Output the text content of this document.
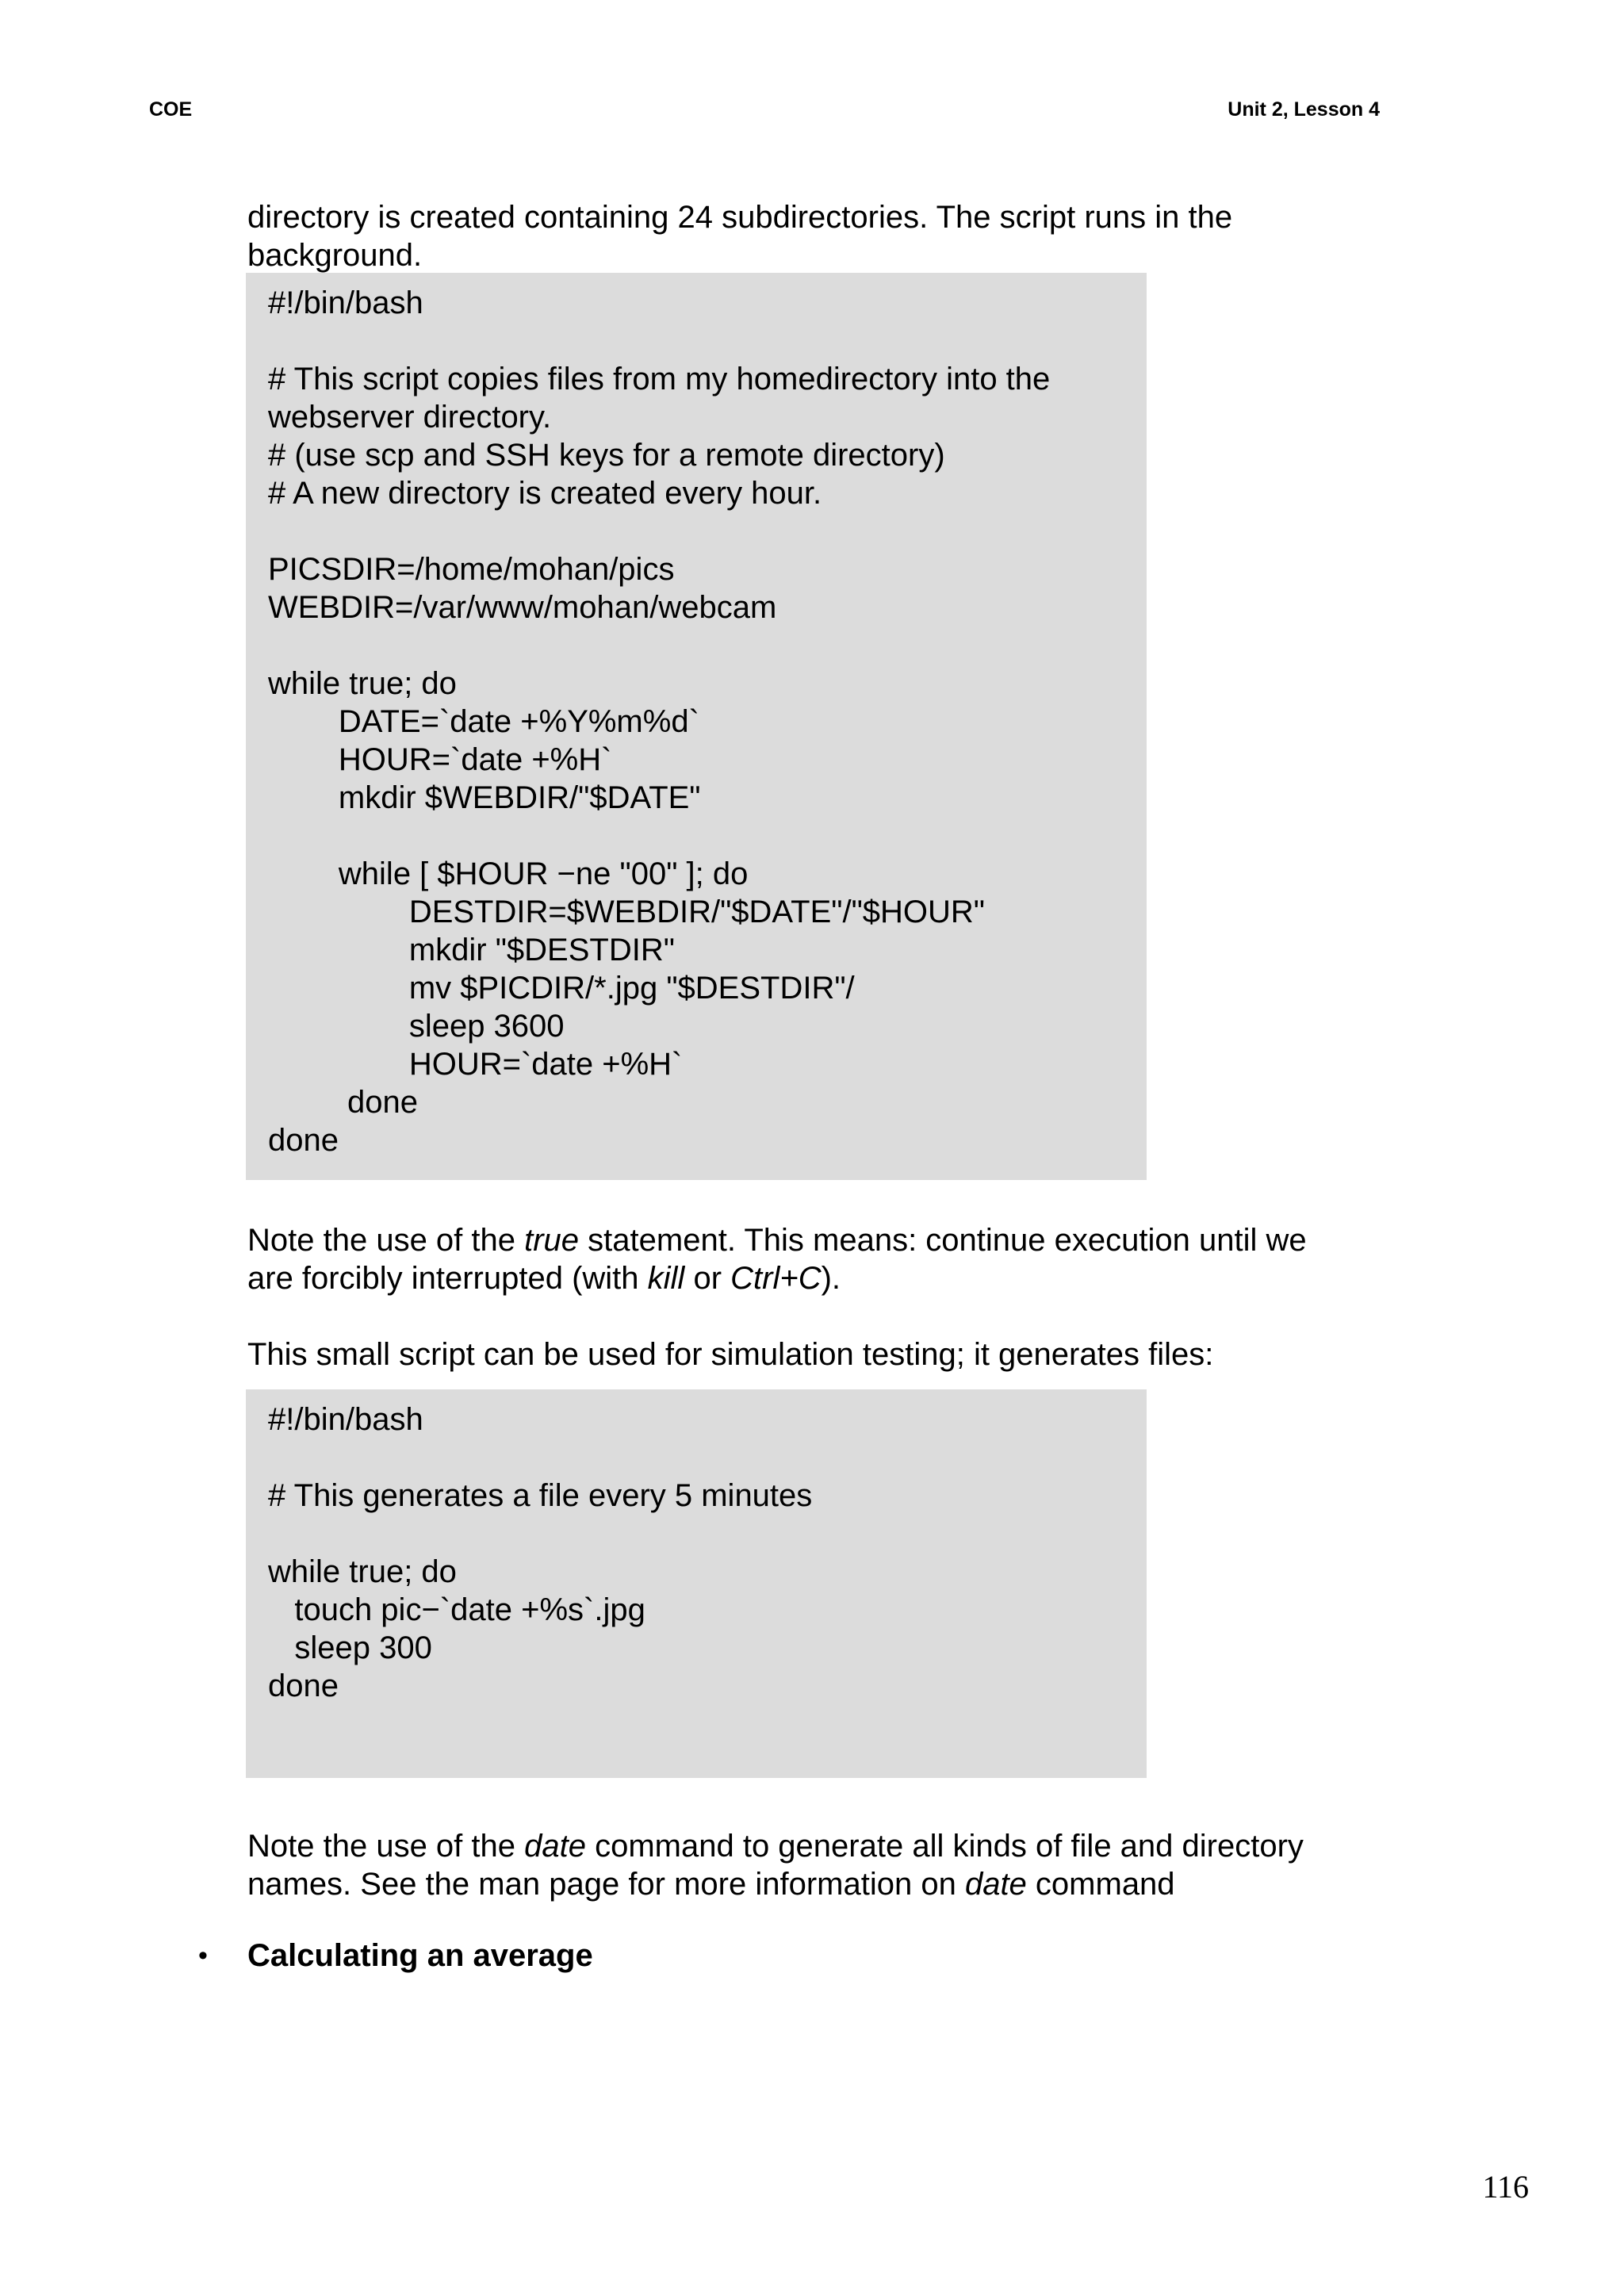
COE	Unit 2, Lesson 4
directory is created containing 24 subdirectories. The script runs in the
background.
#!/bin/bash
# This script copies files from my homedirectory into the
webserver directory.
# (use scp and SSH keys for a remote directory)
# A new directory is created every hour.
PICSDIR=/home/mohan/pics
WEBDIR=/var/www/mohan/webcam
while true; do
DATE=`date +%Y%m%d`
HOUR=`date +%H`
mkdir $WEBDIR/"$DATE"
while [ $HOUR −ne "00" ]; do
DESTDIR=$WEBDIR/"$DATE"/"$HOUR"
mkdir "$DESTDIR"
mv $PICDIR/*.jpg "$DESTDIR"/
sleep 3600
HOUR=`date +%H`
done
done
Note the use of the true statement. This means: continue execution until we
are forcibly interrupted (with kill or Ctrl+C).
This small script can be used for simulation testing; it generates files:
#!/bin/bash
# This generates a file every 5 minutes
while true; do
touch pic−`date +%s`.jpg
sleep 300
done
Note the use of the date command to generate all kinds of file and directory
names. See the man page for more information on date command
• Calculating an average
116
